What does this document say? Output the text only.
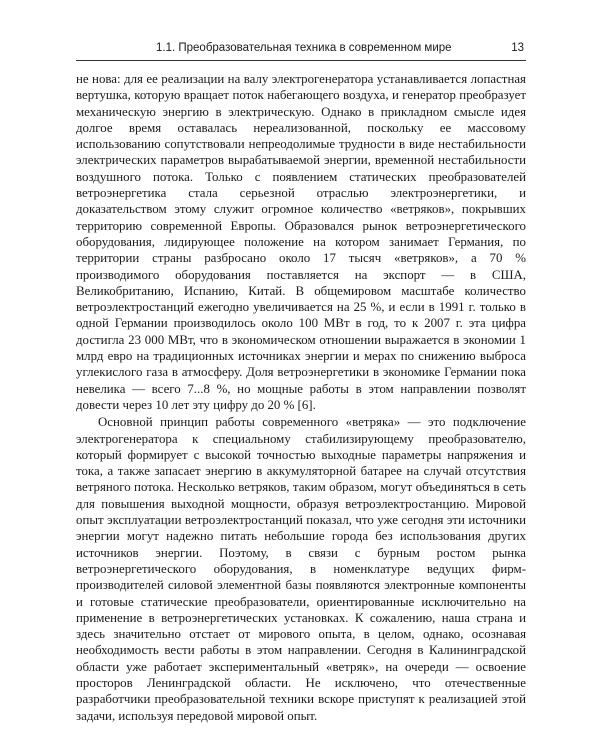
1.1. Преобразовательная техника в современном мире	13

не нова: для ее реализации на валу электрогенератора устанавливается лопастная вертушка, которую вращает поток набегающего воздуха, и генератор преобразует механическую энергию в электрическую. Однако в прикладном смысле идея долгое время оставалась нереализованной, поскольку ее массовому использованию сопутствовали непреодолимые трудности в виде нестабильности электрических параметров вырабатываемой энергии, временной нестабильности воздушного потока. Только с появлением статических преобразователей ветроэнергетика стала серьезной отраслью электроэнергетики, и доказательством этому служит огромное количество «ветряков», покрывших территорию современной Европы. Образовался рынок ветроэнергетического оборудования, лидирующее положение на котором занимает Германия, по территории страны разбросано около 17 тысяч «ветряков», а 70 % производимого оборудования поставляется на экспорт — в США, Великобританию, Испанию, Китай. В общемировом масштабе количество ветроэлектростанций ежегодно увеличивается на 25 %, и если в 1991 г. только в одной Германии производилось около 100 МВт в год, то к 2007 г. эта цифра достигла 23 000 МВт, что в экономическом отношении выражается в экономии 1 млрд евро на традиционных источниках энергии и мерах по снижению выброса углекислого газа в атмосферу. Доля ветроэнергетики в экономике Германии пока невелика — всего 7...8 %, но мощные работы в этом направлении позволят довести через 10 лет эту цифру до 20 % [6].

Основной принцип работы современного «ветряка» — это подключение электрогенератора к специальному стабилизирующему преобразователю, который формирует с высокой точностью выходные параметры напряжения и тока, а также запасает энергию в аккумуляторной батарее на случай отсутствия ветряного потока. Несколько ветряков, таким образом, могут объединяться в сеть для повышения выходной мощности, образуя ветроэлектростанцию. Мировой опыт эксплуатации ветроэлектростанций показал, что уже сегодня эти источники энергии могут надежно питать небольшие города без использования других источников энергии. Поэтому, в связи с бурным ростом рынка ветроэнергетического оборудования, в номенклатуре ведущих фирм-производителей силовой элементной базы появляются электронные компоненты и готовые статические преобразователи, ориентированные исключительно на применение в ветроэнергетических установках. К сожалению, наша страна и здесь значительно отстает от мирового опыта, в целом, однако, осознавая необходимость вести работы в этом направлении. Сегодня в Калининградской области уже работает экспериментальный «ветряк», на очереди — освоение просторов Ленинградской области. Не исключено, что отечественные разработчики преобразовательной техники вскоре приступят к реализацией этой задачи, используя передовой мировой опыт.
